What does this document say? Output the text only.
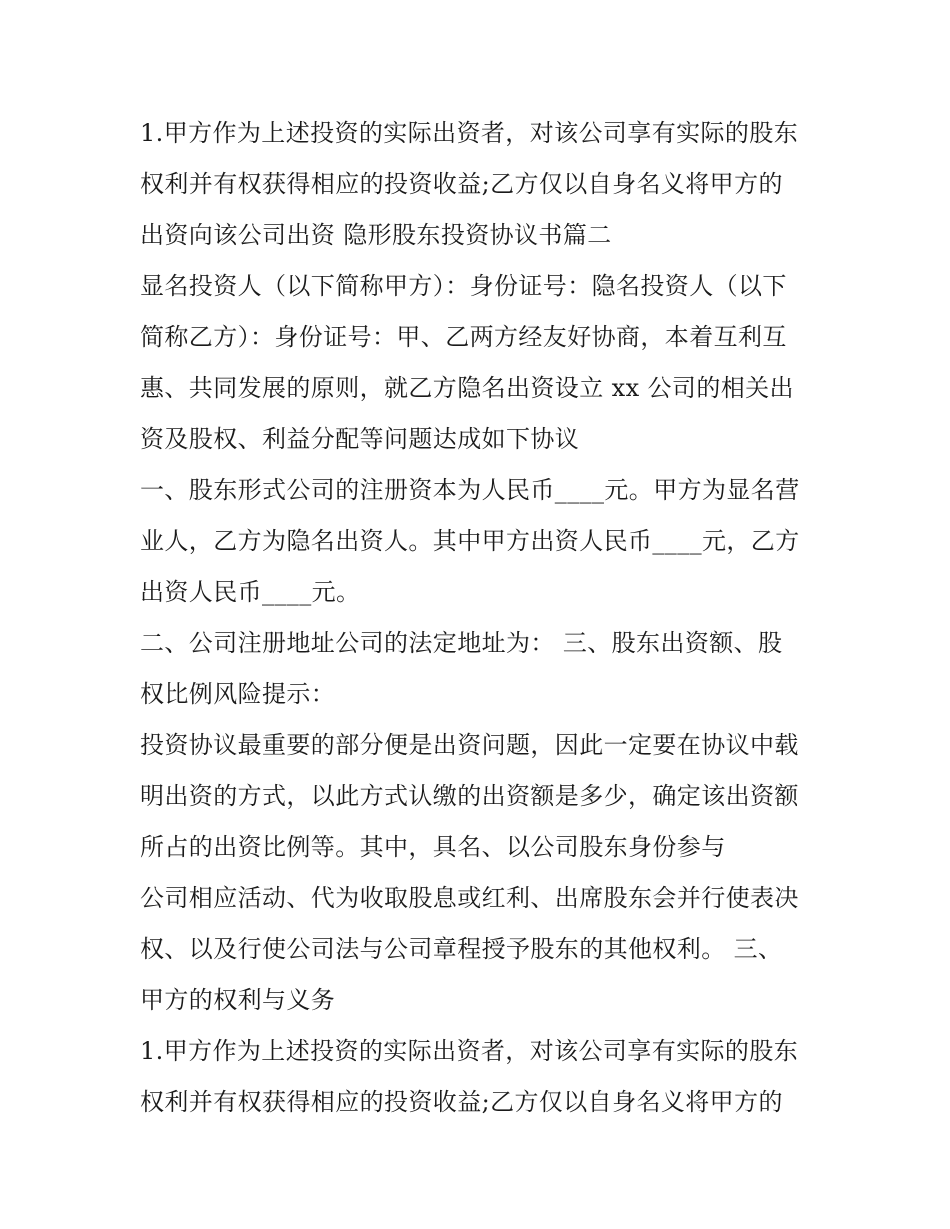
1.甲方作为上述投资的实际出资者，对该公司享有实际的股东
权利并有权获得相应的投资收益;乙方仅以自身名义将甲方的
出资向该公司出资 隐形股东投资协议书篇二
显名投资人（以下简称甲方）：身份证号：隐名投资人（以下
简称乙方）：身份证号：甲、乙两方经友好协商，本着互利互
惠、共同发展的原则，就乙方隐名出资设立 xx 公司的相关出
资及股权、利益分配等问题达成如下协议
一、股东形式公司的注册资本为人民币____元。甲方为显名营
业人，乙方为隐名出资人。其中甲方出资人民币____元，乙方
出资人民币____元。
二、公司注册地址公司的法定地址为： 三、股东出资额、股
权比例风险提示：
投资协议最重要的部分便是出资问题，因此一定要在协议中载
明出资的方式，以此方式认缴的出资额是多少，确定该出资额
所占的出资比例等。其中，具名、以公司股东身份参与
公司相应活动、代为收取股息或红利、出席股东会并行使表决
权、以及行使公司法与公司章程授予股东的其他权利。 三、
甲方的权利与义务
1.甲方作为上述投资的实际出资者，对该公司享有实际的股东
权利并有权获得相应的投资收益;乙方仅以自身名义将甲方的
